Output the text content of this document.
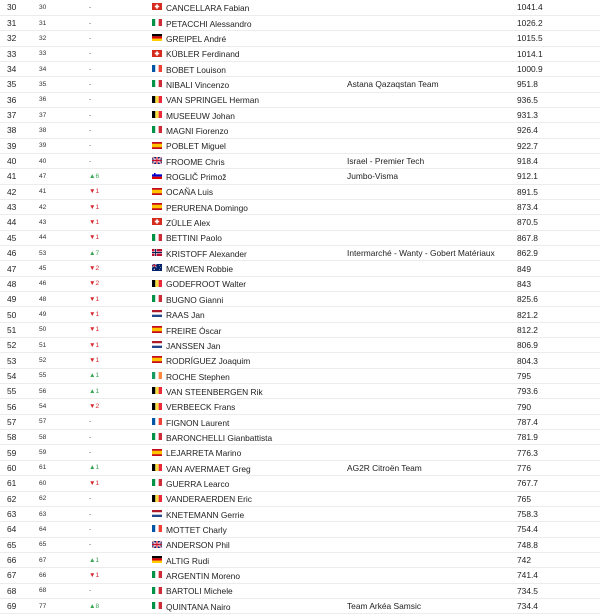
30	30	-	CANCELLARA Fabian		1041.4
31	31	-	PETACCHI Alessandro		1026.2
32	32	-	GREIPEL André		1015.5
33	33	-	KÜBLER Ferdinand		1014.1
34	34	-	BOBET Louison		1000.9
35	35	-	NIBALI Vincenzo	Astana Qazaqstan Team	951.8
36	36	-	VAN SPRINGEL Herman		936.5
37	37	-	MUSEEUW Johan		931.3
38	38	-	MAGNI Fiorenzo		926.4
39	39	-	POBLET Miguel		922.7
40	40	-	FROOME Chris	Israel - Premier Tech	918.4
41	47	▲6	ROGLIČ Primož	Jumbo-Visma	912.1
42	41	▼1	OCAÑA Luis		891.5
43	42	▼1	PERURENA Domingo		873.4
44	43	▼1	ZÜLLE Alex		870.5
45	44	▼1	BETTINI Paolo		867.8
46	53	▲7	KRISTOFF Alexander	Intermarché - Wanty - Gobert Matériaux	862.9
47	45	▼2	MCEWEN Robbie		849
48	46	▼2	GODEFROOT Walter		843
49	48	▼1	BUGNO Gianni		825.6
50	49	▼1	RAAS Jan		821.2
51	50	▼1	FREIRE Óscar		812.2
52	51	▼1	JANSSEN Jan		806.9
53	52	▼1	RODRÍGUEZ Joaquim		804.3
54	55	▲1	ROCHE Stephen		795
55	56	▲1	VAN STEENBERGEN Rik		793.6
56	54	▼2	VERBEECK Frans		790
57	57	-	FIGNON Laurent		787.4
58	58	-	BARONCHELLI Gianbattista		781.9
59	59	-	LEJARRETA Marino		776.3
60	61	▲1	VAN AVERMAET Greg	AG2R Citroën Team	776
61	60	▼1	GUERRA Learco		767.7
62	62	-	VANDERAERDEN Eric		765
63	63	-	KNETEMANN Gerrie		758.3
64	64	-	MOTTET Charly		754.4
65	65	-	ANDERSON Phil		748.8
66	67	▲1	ALTIG Rudi		742
67	66	▼1	ARGENTIN Moreno		741.4
68	68	-	BARTOLI Michele		734.5
69	77	▲8	QUINTANA Nairo	Team Arkéa Samsic	734.4
